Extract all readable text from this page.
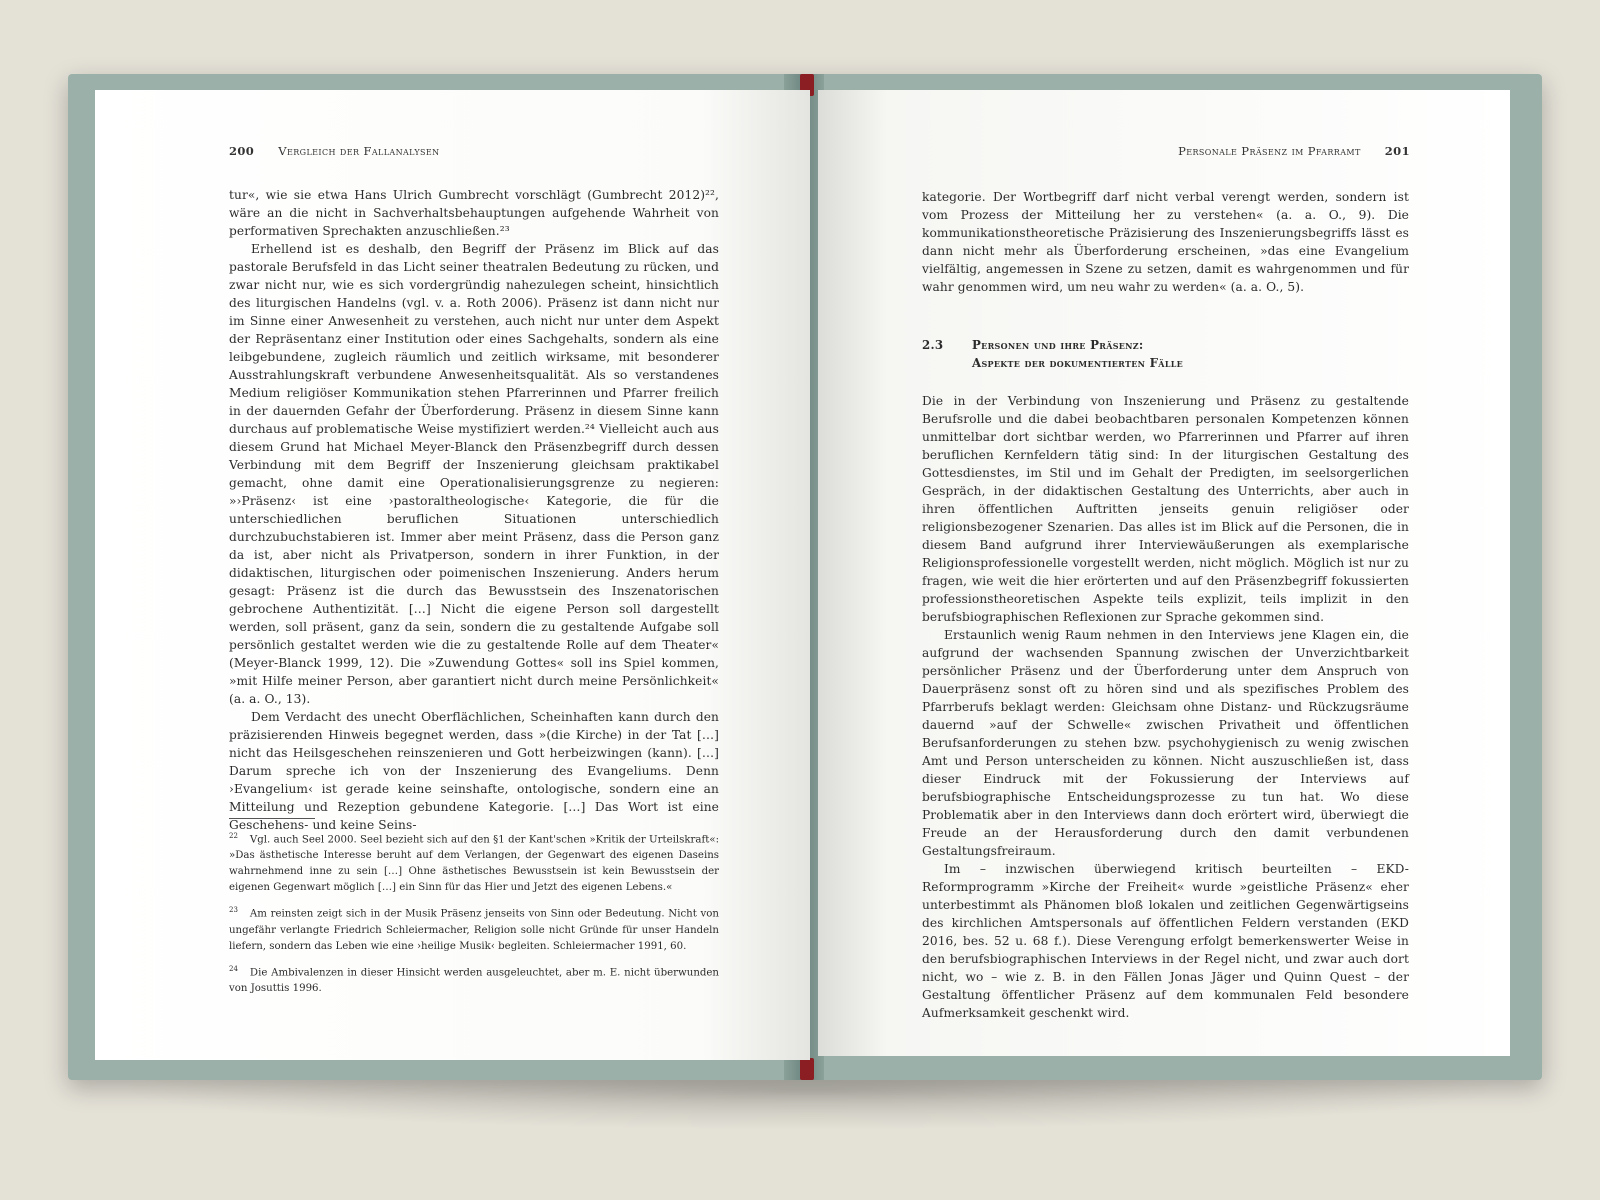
200 Vergleich der Fallanalysen

tur«, wie sie etwa Hans Ulrich Gumbrecht vorschlägt (Gumbrecht 2012)²², wäre an die nicht in Sachverhaltsbehauptungen aufgehende Wahrheit von performativen Sprechakten anzuschließen.²³

Erhellend ist es deshalb, den Begriff der Präsenz im Blick auf das pastorale Berufsfeld in das Licht seiner theatralen Bedeutung zu rücken, und zwar nicht nur, wie es sich vordergründig nahezulegen scheint, hinsichtlich des liturgischen Handelns (vgl. v. a. Roth 2006). Präsenz ist dann nicht nur im Sinne einer Anwesenheit zu verstehen, auch nicht nur unter dem Aspekt der Repräsentanz einer Institution oder eines Sachgehalts, sondern als eine leibgebundene, zugleich räumlich und zeitlich wirksame, mit besonderer Ausstrahlungskraft verbundene Anwesenheitsqualität. Als so verstandenes Medium religiöser Kommunikation stehen Pfarrerinnen und Pfarrer freilich in der dauernden Gefahr der Überforderung. Präsenz in diesem Sinne kann durchaus auf problematische Weise mystifiziert werden.²⁴ Vielleicht auch aus diesem Grund hat Michael Meyer-Blanck den Präsenzbegriff durch dessen Verbindung mit dem Begriff der Inszenierung gleichsam praktikabel gemacht, ohne damit eine Operationalisierungsgrenze zu negieren: »›Präsenz‹ ist eine ›pastoraltheologische‹ Kategorie, die für die unterschiedlichen beruflichen Situationen unterschiedlich durchzubuchstabieren ist. Immer aber meint Präsenz, dass die Person ganz da ist, aber nicht als Privatperson, sondern in ihrer Funktion, in der didaktischen, liturgischen oder poimenischen Inszenierung. Anders herum gesagt: Präsenz ist die durch das Bewusstsein des Inszenatorischen gebrochene Authentizität. […] Nicht die eigene Person soll dargestellt werden, soll präsent, ganz da sein, sondern die zu gestaltende Aufgabe soll persönlich gestaltet werden wie die zu gestaltende Rolle auf dem Theater« (Meyer-Blanck 1999, 12). Die »Zuwendung Gottes« soll ins Spiel kommen, »mit Hilfe meiner Person, aber garantiert nicht durch meine Persönlichkeit« (a. a. O., 13).

Dem Verdacht des unecht Oberflächlichen, Scheinhaften kann durch den präzisierenden Hinweis begegnet werden, dass »(die Kirche) in der Tat […] nicht das Heilsgeschehen reinszenieren und Gott herbeizwingen (kann). […] Darum spreche ich von der Inszenierung des Evangeliums. Denn ›Evangelium‹ ist gerade keine seinshafte, ontologische, sondern eine an Mitteilung und Rezeption gebundene Kategorie. […] Das Wort ist eine Geschehens- und keine Seins-

$^{22}$ Vgl. auch Seel 2000. Seel bezieht sich auf den §1 der Kant'schen »Kritik der Urteilskraft«: »Das ästhetische Interesse beruht auf dem Verlangen, der Gegenwart des eigenen Daseins wahrnehmend inne zu sein […] Ohne ästhetisches Bewusstsein ist kein Bewusstsein der eigenen Gegenwart möglich […] ein Sinn für das Hier und Jetzt des eigenen Lebens.«

$^{23}$ Am reinsten zeigt sich in der Musik Präsenz jenseits von Sinn oder Bedeutung. Nicht von ungefähr verlangte Friedrich Schleiermacher, Religion solle nicht Gründe für unser Handeln liefern, sondern das Leben wie eine ›heilige Musik‹ begleiten. Schleiermacher 1991, 60.

$^{24}$ Die Ambivalenzen in dieser Hinsicht werden ausgeleuchtet, aber m. E. nicht überwunden von Josuttis 1996.

Personale Präsenz im Pfarramt 201

kategorie. Der Wortbegriff darf nicht verbal verengt werden, sondern ist vom Prozess der Mitteilung her zu verstehen« (a. a. O., 9). Die kommunikationstheoretische Präzisierung des Inszenierungsbegriffs lässt es dann nicht mehr als Überforderung erscheinen, »das eine Evangelium vielfältig, angemessen in Szene zu setzen, damit es wahrgenommen und für wahr genommen wird, um neu wahr zu werden« (a. a. O., 5).

2.3 Personen und ihre Präsenz:
Aspekte der dokumentierten Fälle

Die in der Verbindung von Inszenierung und Präsenz zu gestaltende Berufsrolle und die dabei beobachtbaren personalen Kompetenzen können unmittelbar dort sichtbar werden, wo Pfarrerinnen und Pfarrer auf ihren beruflichen Kernfeldern tätig sind: In der liturgischen Gestaltung des Gottesdienstes, im Stil und im Gehalt der Predigten, im seelsorgerlichen Gespräch, in der didaktischen Gestaltung des Unterrichts, aber auch in ihren öffentlichen Auftritten jenseits genuin religiöser oder religionsbezogener Szenarien. Das alles ist im Blick auf die Personen, die in diesem Band aufgrund ihrer Interviewäußerungen als exemplarische Religionsprofessionelle vorgestellt werden, nicht möglich. Möglich ist nur zu fragen, wie weit die hier erörterten und auf den Präsenzbegriff fokussierten professionstheoretischen Aspekte teils explizit, teils implizit in den berufsbiographischen Reflexionen zur Sprache gekommen sind.

Erstaunlich wenig Raum nehmen in den Interviews jene Klagen ein, die aufgrund der wachsenden Spannung zwischen der Unverzichtbarkeit persönlicher Präsenz und der Überforderung unter dem Anspruch von Dauerpräsenz sonst oft zu hören sind und als spezifisches Problem des Pfarrberufs beklagt werden: Gleichsam ohne Distanz- und Rückzugsräume dauernd »auf der Schwelle« zwischen Privatheit und öffentlichen Berufsanforderungen zu stehen bzw. psychohygienisch zu wenig zwischen Amt und Person unterscheiden zu können. Nicht auszuschließen ist, dass dieser Eindruck mit der Fokussierung der Interviews auf berufsbiographische Entscheidungsprozesse zu tun hat. Wo diese Problematik aber in den Interviews dann doch erörtert wird, überwiegt die Freude an der Herausforderung durch den damit verbundenen Gestaltungsfreiraum.

Im – inzwischen überwiegend kritisch beurteilten – EKD-Reformprogramm »Kirche der Freiheit« wurde »geistliche Präsenz« eher unterbestimmt als Phänomen bloß lokalen und zeitlichen Gegenwärtigseins des kirchlichen Amtspersonals auf öffentlichen Feldern verstanden (EKD 2016, bes. 52 u. 68 f.). Diese Verengung erfolgt bemerkenswerter Weise in den berufsbiographischen Interviews in der Regel nicht, und zwar auch dort nicht, wo – wie z. B. in den Fällen Jonas Jäger und Quinn Quest – der Gestaltung öffentlicher Präsenz auf dem kommunalen Feld besondere Aufmerksamkeit geschenkt wird.
